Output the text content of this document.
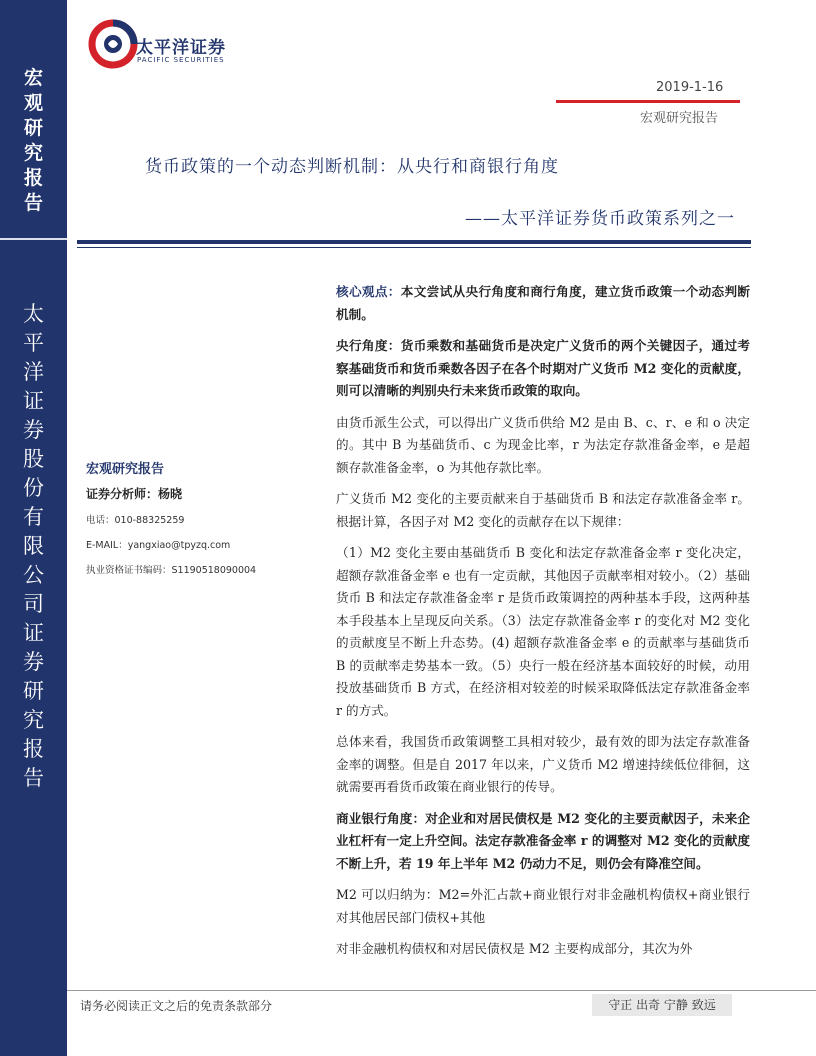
宏
观
研
究
报
告
太
平
洋
证
券
股
份
有
限
公
司
证
券
研
究
报
告
太平洋证券
PACIFIC SECURITIES
2019-1-16
宏观研究报告
货币政策的一个动态判断机制：从央行和商银行角度
——太平洋证券货币政策系列之一
宏观研究报告
证券分析师：杨晓
电话：010-88325259
E-MAIL：yangxiao@tpyzq.com
执业资格证书编码：S1190518090004

核心观点：本文尝试从央行角度和商行角度，建立货币政策一个动态判断机制。

央行角度：货币乘数和基础货币是决定广义货币的两个关键因子，通过考察基础货币和货币乘数各因子在各个时期对广义货币 M2 变化的贡献度，则可以清晰的判别央行未来货币政策的取向。

由货币派生公式，可以得出广义货币供给 M2 是由 B、c、r、e 和 o 决定的。其中 B 为基础货币、c 为现金比率，r 为法定存款准备金率，e 是超额存款准备金率，o 为其他存款比率。

广义货币 M2 变化的主要贡献来自于基础货币 B 和法定存款准备金率 r。根据计算，各因子对 M2 变化的贡献存在以下规律：

（1）M2 变化主要由基础货币 B 变化和法定存款准备金率 r 变化决定，超额存款准备金率 e 也有一定贡献，其他因子贡献率相对较小。（2）基础货币 B 和法定存款准备金率 r 是货币政策调控的两种基本手段，这两种基本手段基本上呈现反向关系。（3）法定存款准备金率 r 的变化对 M2 变化的贡献度呈不断上升态势。(4) 超额存款准备金率 e 的贡献率与基础货币 B 的贡献率走势基本一致。（5）央行一般在经济基本面较好的时候，动用投放基础货币 B 方式，在经济相对较差的时候采取降低法定存款准备金率 r 的方式。

总体来看，我国货币政策调整工具相对较少，最有效的即为法定存款准备金率的调整。但是自 2017 年以来，广义货币 M2 增速持续低位徘徊，这就需要再看货币政策在商业银行的传导。

商业银行角度：对企业和对居民债权是 M2 变化的主要贡献因子，未来企业杠杆有一定上升空间。法定存款准备金率 r 的调整对 M2 变化的贡献度不断上升，若 19 年上半年 M2 仍动力不足，则仍会有降准空间。

M2 可以归纳为：M2=外汇占款+商业银行对非金融机构债权+商业银行对其他居民部门债权+其他

对非金融机构债权和对居民债权是 M2 主要构成部分，其次为外

请务必阅读正文之后的免责条款部分	守正 出奇 宁静 致远
